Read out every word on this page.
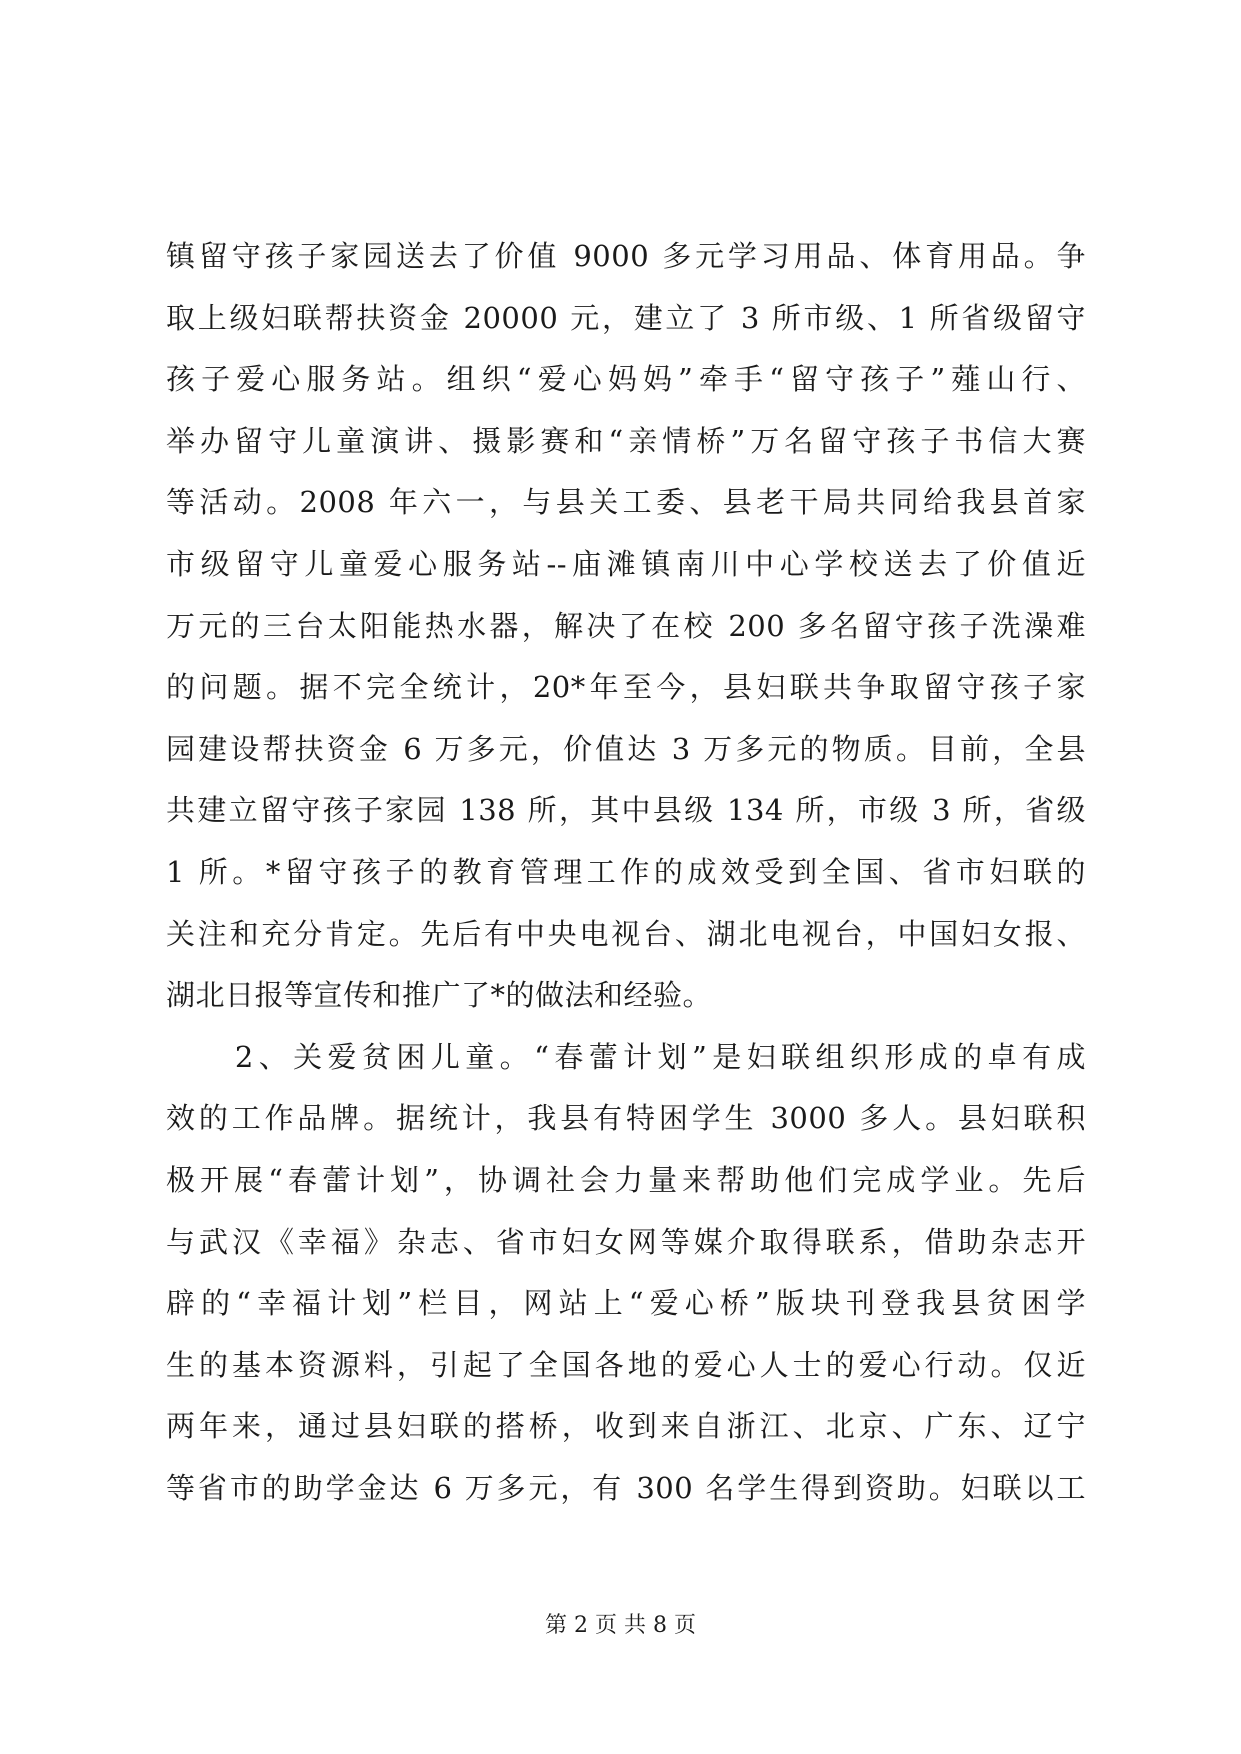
镇留守孩子家园送去了价值 9000 多元学习用品、体育用品。争
取上级妇联帮扶资金 20000 元，建立了 3 所市级、1 所省级留守
孩子爱心服务站。组织“爱心妈妈”牵手“留守孩子”薤山行、
举办留守儿童演讲、摄影赛和“亲情桥”万名留守孩子书信大赛
等活动。2008 年六一，与县关工委、县老干局共同给我县首家
市级留守儿童爱心服务站--庙滩镇南川中心学校送去了价值近
万元的三台太阳能热水器，解决了在校 200 多名留守孩子洗澡难
的问题。据不完全统计，20*年至今，县妇联共争取留守孩子家
园建设帮扶资金 6 万多元，价值达 3 万多元的物质。目前，全县
共建立留守孩子家园 138 所，其中县级 134 所，市级 3 所，省级
1 所。*留守孩子的教育管理工作的成效受到全国、省市妇联的
关注和充分肯定。先后有中央电视台、湖北电视台，中国妇女报、
湖北日报等宣传和推广了*的做法和经验。
　　2、关爱贫困儿童。“春蕾计划”是妇联组织形成的卓有成
效的工作品牌。据统计，我县有特困学生 3000 多人。县妇联积
极开展“春蕾计划”，协调社会力量来帮助他们完成学业。先后
与武汉《幸福》杂志、省市妇女网等媒介取得联系，借助杂志开
辟的“幸福计划”栏目，网站上“爱心桥”版块刊登我县贫困学
生的基本资源料，引起了全国各地的爱心人士的爱心行动。仅近
两年来，通过县妇联的搭桥，收到来自浙江、北京、广东、辽宁
等省市的助学金达 6 万多元，有 300 名学生得到资助。妇联以工
第 2 页 共 8 页
